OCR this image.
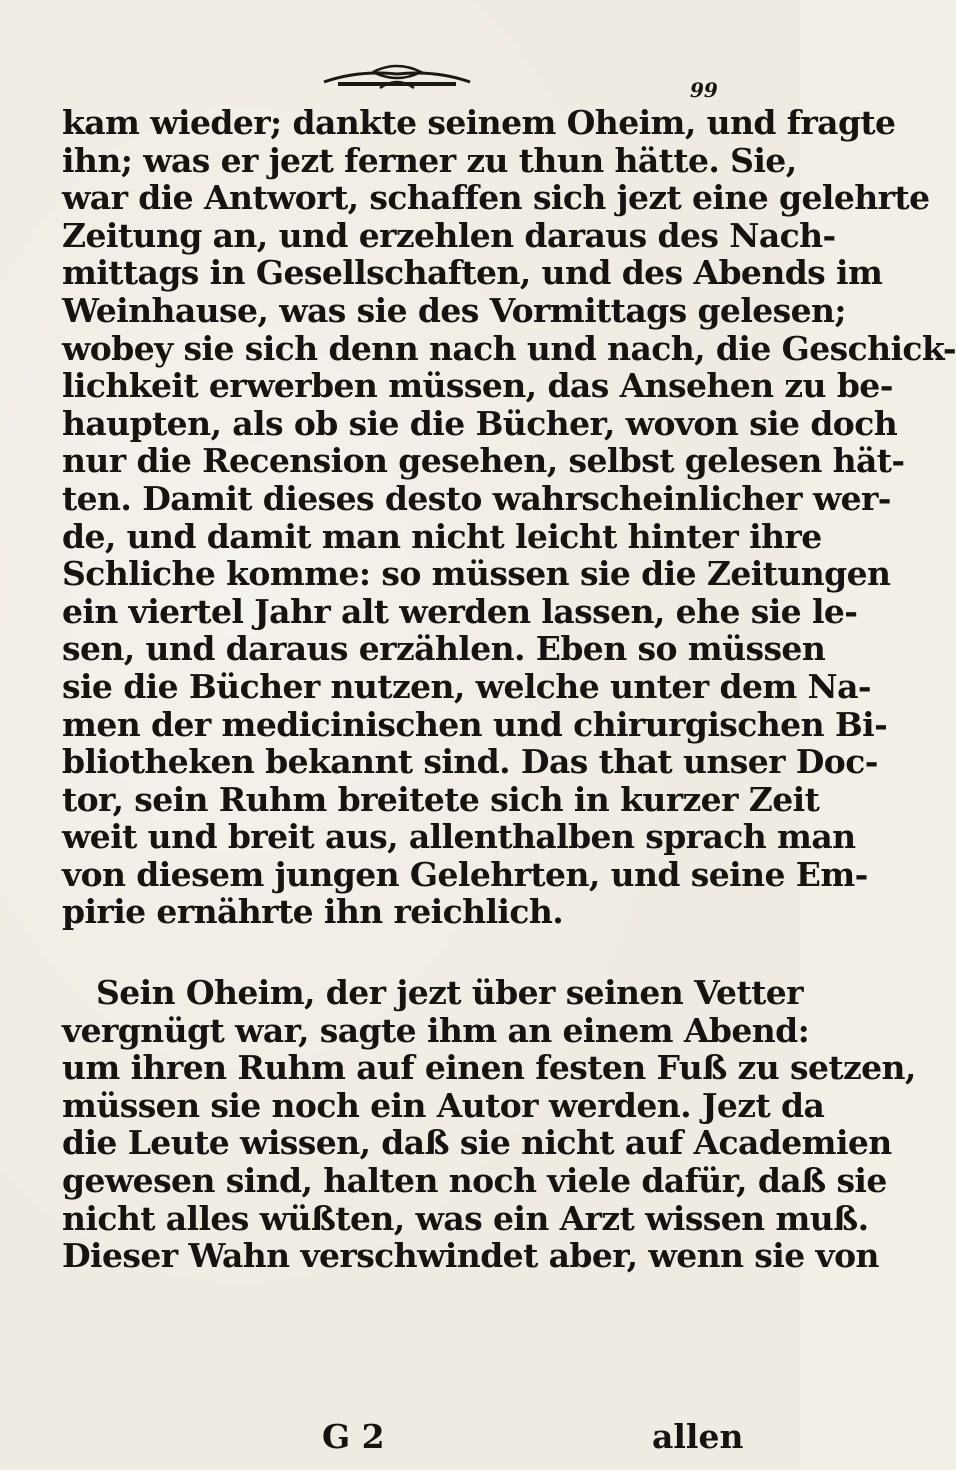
99
kam wieder; dankte seinem Oheim, und fragte
ihn; was er jezt ferner zu thun hätte. Sie,
war die Antwort, schaffen sich jezt eine gelehrte
Zeitung an, und erzehlen daraus des Nach-
mittags in Gesellschaften, und des Abends im
Weinhause, was sie des Vormittags gelesen;
wobey sie sich denn nach und nach, die Geschick-
lichkeit erwerben müssen, das Ansehen zu be-
haupten, als ob sie die Bücher, wovon sie doch
nur die Recension gesehen, selbst gelesen hät-
ten. Damit dieses desto wahrscheinlicher wer-
de, und damit man nicht leicht hinter ihre
Schliche komme: so müssen sie die Zeitungen
ein viertel Jahr alt werden lassen, ehe sie le-
sen, und daraus erzählen. Eben so müssen
sie die Bücher nutzen, welche unter dem Na-
men der medicinischen und chirurgischen Bi-
bliotheken bekannt sind. Das that unser Doc-
tor, sein Ruhm breitete sich in kurzer Zeit
weit und breit aus, allenthalben sprach man
von diesem jungen Gelehrten, und seine Em-
pirie ernährte ihn reichlich.
Sein Oheim, der jezt über seinen Vetter
vergnügt war, sagte ihm an einem Abend:
um ihren Ruhm auf einen festen Fuß zu setzen,
müssen sie noch ein Autor werden. Jezt da
die Leute wissen, daß sie nicht auf Academien
gewesen sind, halten noch viele dafür, daß sie
nicht alles wüßten, was ein Arzt wissen muß.
Dieser Wahn verschwindet aber, wenn sie von
G 2	allen
